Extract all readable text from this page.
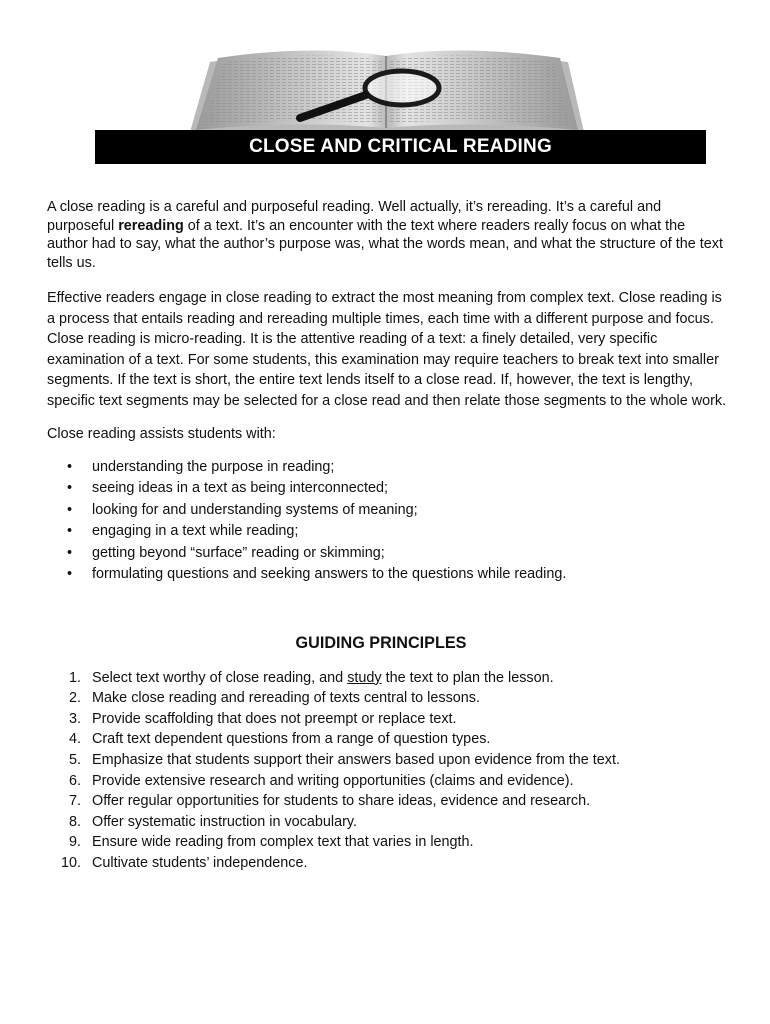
CLOSE AND CRITICAL READING

A close reading is a careful and purposeful reading. Well actually, it’s rereading. It’s a careful and purposeful rereading of a text. It’s an encounter with the text where readers really focus on what the author had to say, what the author’s purpose was, what the words mean, and what the structure of the text tells us.

Effective readers engage in close reading to extract the most meaning from complex text. Close reading is a process that entails reading and rereading multiple times, each time with a different purpose and focus. Close reading is micro-reading. It is the attentive reading of a text: a finely detailed, very specific examination of a text. For some students, this examination may require teachers to break text into smaller segments. If the text is short, the entire text lends itself to a close read. If, however, the text is lengthy, specific text segments may be selected for a close read and then relate those segments to the whole work.

Close reading assists students with:

• understanding the purpose in reading;
• seeing ideas in a text as being interconnected;
• looking for and understanding systems of meaning;
• engaging in a text while reading;
• getting beyond “surface” reading or skimming;
• formulating questions and seeking answers to the questions while reading.
GUIDING PRINCIPLES
1. Select text worthy of close reading, and study the text to plan the lesson.
2. Make close reading and rereading of texts central to lessons.
3. Provide scaffolding that does not preempt or replace text.
4. Craft text dependent questions from a range of question types.
5. Emphasize that students support their answers based upon evidence from the text.
6. Provide extensive research and writing opportunities (claims and evidence).
7. Offer regular opportunities for students to share ideas, evidence and research.
8. Offer systematic instruction in vocabulary.
9. Ensure wide reading from complex text that varies in length.
10. Cultivate students’ independence.
